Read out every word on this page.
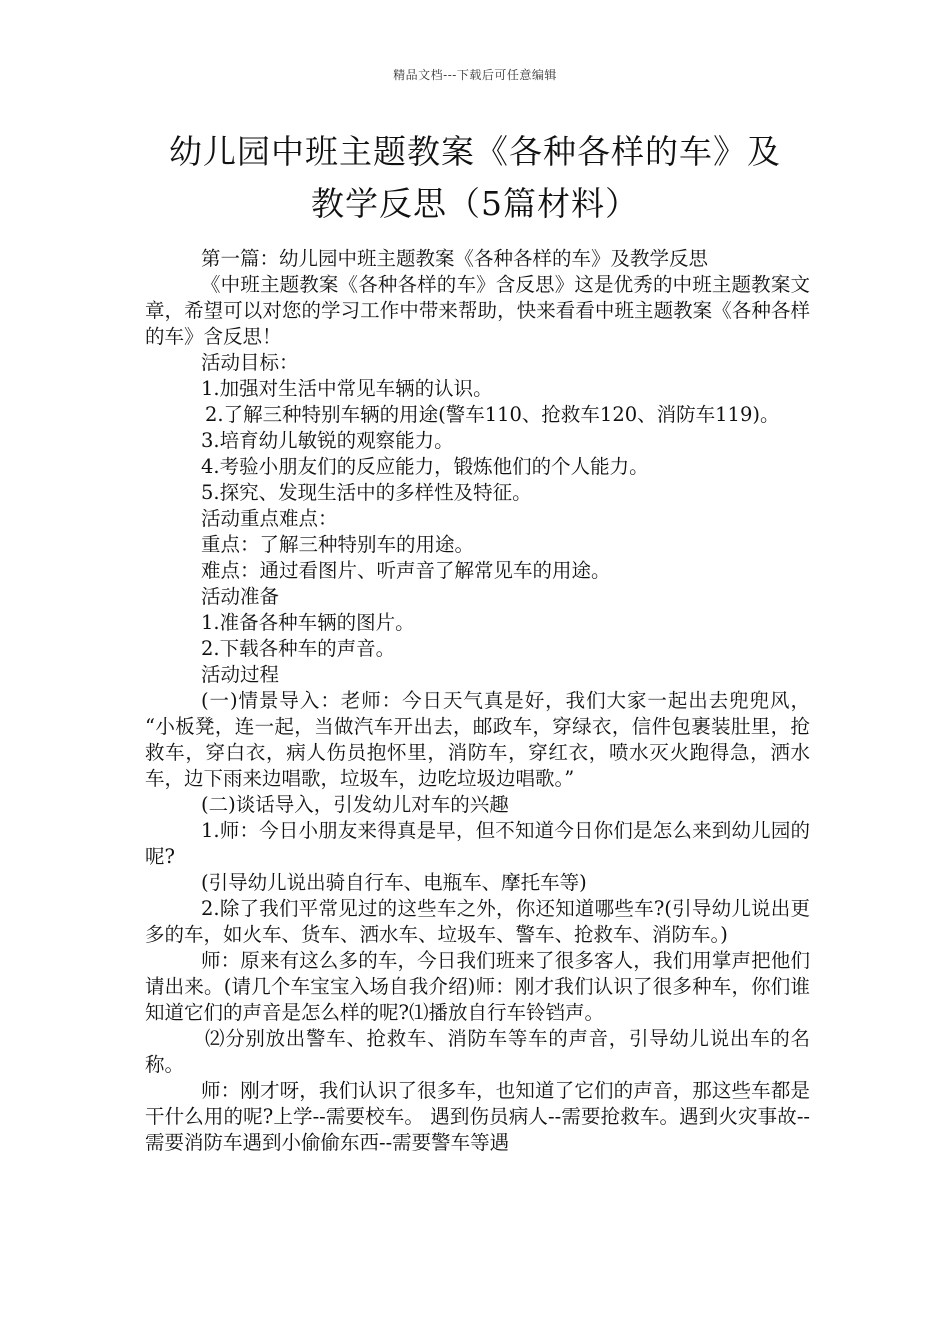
精品文档---下载后可任意编辑
幼儿园中班主题教案《各种各样的车》及
教学反思（5篇材料）

第一篇：幼儿园中班主题教案《各种各样的车》及教学反思

《中班主题教案《各种各样的车》含反思》这是优秀的中班主题教案文章，希望可以对您的学习工作中带来帮助，快来看看中班主题教案《各种各样的车》含反思！

活动目标：

1.加强对生活中常见车辆的认识。

2.了解三种特别车辆的用途(警车110、抢救车120、消防车119)。

3.培育幼儿敏锐的观察能力。

4.考验小朋友们的反应能力，锻炼他们的个人能力。

5.探究、发现生活中的多样性及特征。

活动重点难点：

重点：了解三种特别车的用途。

难点：通过看图片、听声音了解常见车的用途。

活动准备

1.准备各种车辆的图片。

2.下载各种车的声音。

活动过程

(一)情景导入：老师：今日天气真是好，我们大家一起出去兜兜风， “小板凳，连一起，当做汽车开出去，邮政车，穿绿衣，信件包裹装肚里，抢救车，穿白衣，病人伤员抱怀里，消防车，穿红衣，喷水灭火跑得急，洒水车，边下雨来边唱歌，垃圾车，边吃垃圾边唱歌。”

(二)谈话导入，引发幼儿对车的兴趣

1.师：今日小朋友来得真是早，但不知道今日你们是怎么来到幼儿园的呢?

(引导幼儿说出骑自行车、电瓶车、摩托车等)

2.除了我们平常见过的这些车之外，你还知道哪些车?(引导幼儿说出更多的车，如火车、货车、洒水车、垃圾车、警车、抢救车、消防车。)

师：原来有这么多的车，今日我们班来了很多客人，我们用掌声把他们请出来。(请几个车宝宝入场自我介绍)师：刚才我们认识了很多种车，你们谁知道它们的声音是怎么样的呢?⑴播放自行车铃铛声。

⑵分别放出警车、抢救车、消防车等车的声音，引导幼儿说出车的名称。

师：刚才呀，我们认识了很多车，也知道了它们的声音，那这些车都是干什么用的呢?上学--需要校车。 遇到伤员病人--需要抢救车。遇到火灾事故--需要消防车遇到小偷偷东西--需要警车等遇
